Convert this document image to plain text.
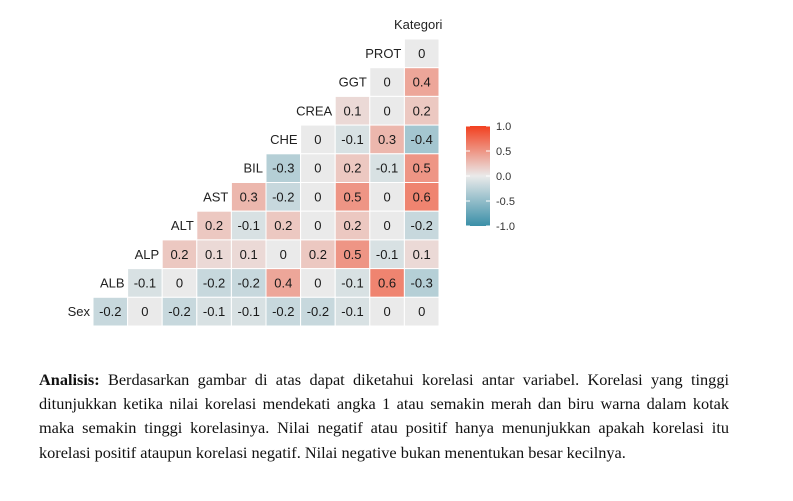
0
0 0.4
0.1 0 0.2
0 -0.1 0.3 -0.4
-0.3 0 0.2 -0.1 0.5
0.3 -0.2 0 0.5 0 0.6
0.2 -0.1 0.2 0 0.2 0 -0.2
0.2 0.1 0.1 0 0.2 0.5 -0.1 0.1
-0.1 0 -0.2 -0.2 0.4 0 -0.1 0.6 -0.3
-0.2 0 -0.2 -0.1 -0.1 -0.2 -0.2 -0.1 0 0
PROT
GGT
CREA
CHE
BIL
AST
ALT
ALP
ALB
Sex
Kategori
1.0
0.5
0.0
-0.5
-1.0

Analisis: Berdasarkan gambar di atas dapat diketahui korelasi antar variabel. Korelasi yang tinggi ditunjukkan ketika nilai korelasi mendekati angka 1 atau semakin merah dan biru warna dalam kotak maka semakin tinggi korelasinya. Nilai negatif atau positif hanya menunjukkan apakah korelasi itu korelasi positif ataupun korelasi negatif. Nilai negative bukan menentukan besar kecilnya.
